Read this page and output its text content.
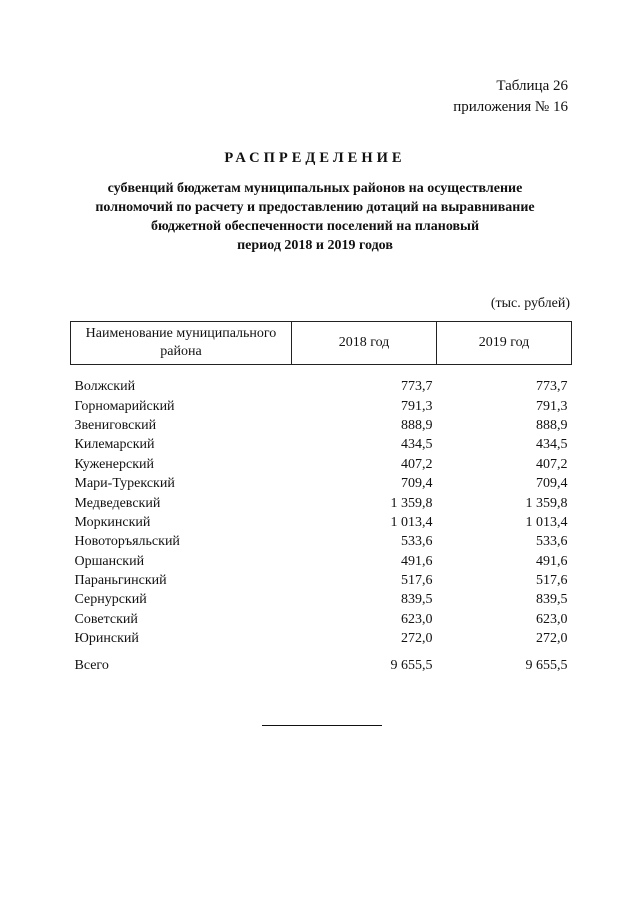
Таблица 26
приложения № 16
РАСПРЕДЕЛЕНИЕ
субвенций бюджетам муниципальных районов на осуществление
полномочий по расчету и предоставлению дотаций на выравнивание
бюджетной обеспеченности поселений на плановый
период 2018 и 2019 годов
(тыс. рублей)
Наименование муниципального района	2018 год	2019 год

Волжский	773,7	773,7
Горномарийский	791,3	791,3
Звениговский	888,9	888,9
Килемарский	434,5	434,5
Куженерский	407,2	407,2
Мари-Турекский	709,4	709,4
Медведевский	1 359,8	1 359,8
Моркинский	1 013,4	1 013,4
Новоторъяльский	533,6	533,6
Оршанский	491,6	491,6
Параньгинский	517,6	517,6
Сернурский	839,5	839,5
Советский	623,0	623,0
Юринский	272,0	272,0

Всего	9 655,5	9 655,5
